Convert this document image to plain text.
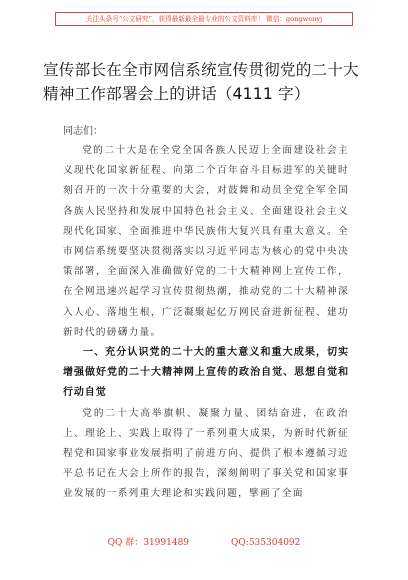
关注头条号“公文研究”，获得最新最全最专业的公文资料库！ 微信：gongwenyj
宣传部长在全市网信系统宣传贯彻党的二十大精神工作部署会上的讲话（4111 字）
同志们：

党的二十大是在全党全国各族人民迈上全面建设社会主义现代化国家新征程、向第二个百年奋斗目标进军的关键时刻召开的一次十分重要的大会，对鼓舞和动员全党全军全国各族人民坚持和发展中国特色社会主义、全面建设社会主义现代化国家、全面推进中华民族伟大复兴具有重大意义。全市网信系统要坚决贯彻落实以习近平同志为核心的党中央决策部署，全面深入准确做好党的二十大精神网上宣传工作，在全网迅速兴起学习宣传贯彻热潮，推动党的二十大精神深入人心、落地生根，广泛凝聚起亿万网民奋进新征程、建功新时代的磅礴力量。

一、充分认识党的二十大的重大意义和重大成果，切实增强做好党的二十大精神网上宣传的政治自觉、思想自觉和行动自觉

党的二十大高举旗帜、凝聚力量、团结奋进，在政治上、理论上、实践上取得了一系列重大成果，为新时代新征程党和国家事业发展指明了前进方向、提供了根本遵循习近平总书记在大会上所作的报告，深刻阐明了事关党和国家事业发展的一系列重大理论和实践问题，擘画了全面

QQ 群：31991489	QQ:535304092
